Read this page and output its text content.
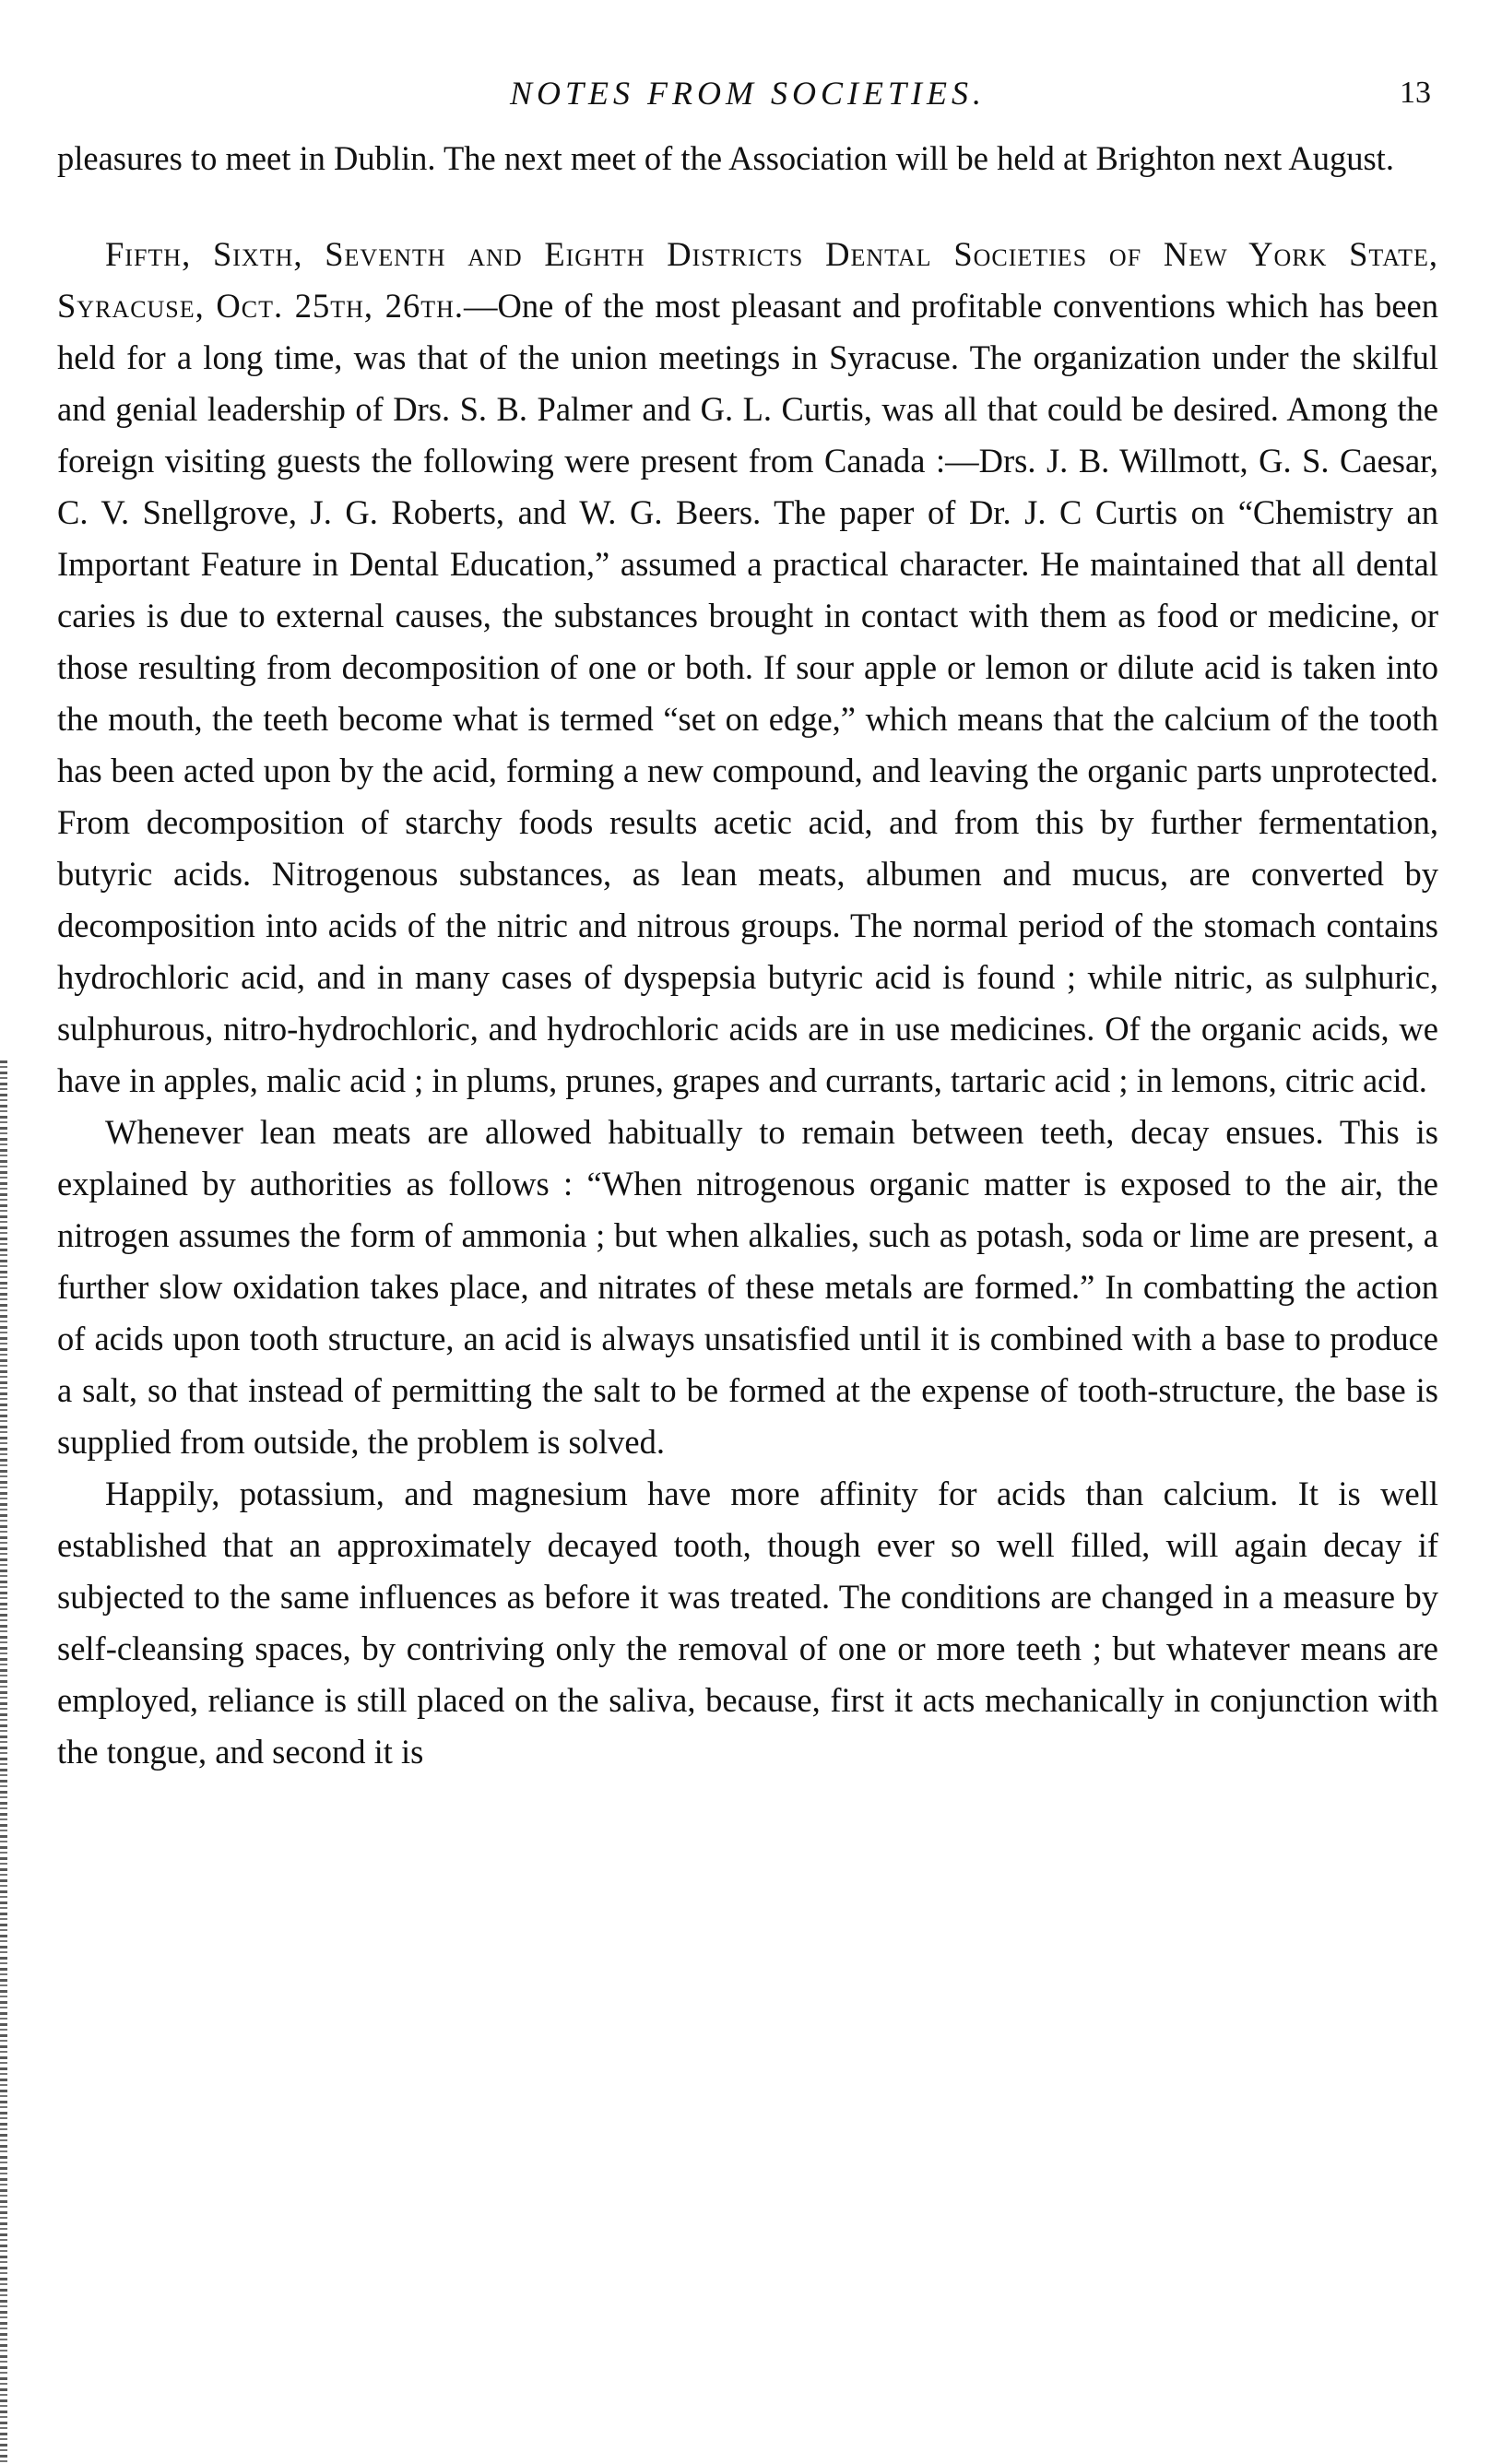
NOTES FROM SOCIETIES.	13

pleasures to meet in Dublin. The next meet of the Association will be held at Brighton next August.

Fifth, Sixth, Seventh and Eighth Districts Dental Societies of New York State, Syracuse, Oct. 25th, 26th.—One of the most pleasant and profitable conventions which has been held for a long time, was that of the union meetings in Syracuse. The organization under the skilful and genial leadership of Drs. S. B. Palmer and G. L. Curtis, was all that could be desired. Among the foreign visiting guests the following were present from Canada :—Drs. J. B. Willmott, G. S. Caesar, C. V. Snellgrove, J. G. Roberts, and W. G. Beers. The paper of Dr. J. C Curtis on “Chemistry an Important Feature in Dental Education,” assumed a practical character. He maintained that all dental caries is due to external causes, the substances brought in contact with them as food or medicine, or those resulting from decomposition of one or both. If sour apple or lemon or dilute acid is taken into the mouth, the teeth become what is termed “set on edge,” which means that the calcium of the tooth has been acted upon by the acid, forming a new compound, and leaving the organic parts unprotected. From decomposition of starchy foods results acetic acid, and from this by further fermentation, butyric acids. Nitrogenous substances, as lean meats, albumen and mucus, are converted by decomposition into acids of the nitric and nitrous groups. The normal period of the stomach contains hydrochloric acid, and in many cases of dyspepsia butyric acid is found ; while nitric, as sulphuric, sulphurous, nitro-hydrochloric, and hydrochloric acids are in use medicines. Of the organic acids, we have in apples, malic acid ; in plums, prunes, grapes and currants, tartaric acid ; in lemons, citric acid.

Whenever lean meats are allowed habitually to remain between teeth, decay ensues. This is explained by authorities as follows : “When nitrogenous organic matter is exposed to the air, the nitrogen assumes the form of ammonia ; but when alkalies, such as potash, soda or lime are present, a further slow oxidation takes place, and nitrates of these metals are formed.” In combatting the action of acids upon tooth structure, an acid is always unsatisfied until it is combined with a base to produce a salt, so that instead of permitting the salt to be formed at the expense of tooth-structure, the base is supplied from outside, the problem is solved.

Happily, potassium, and magnesium have more affinity for acids than calcium. It is well established that an approximately decayed tooth, though ever so well filled, will again decay if subjected to the same influences as before it was treated. The conditions are changed in a measure by self-cleansing spaces, by contriving only the removal of one or more teeth ; but whatever means are employed, reliance is still placed on the saliva, because, first it acts mechanically in conjunction with the tongue, and second it is
